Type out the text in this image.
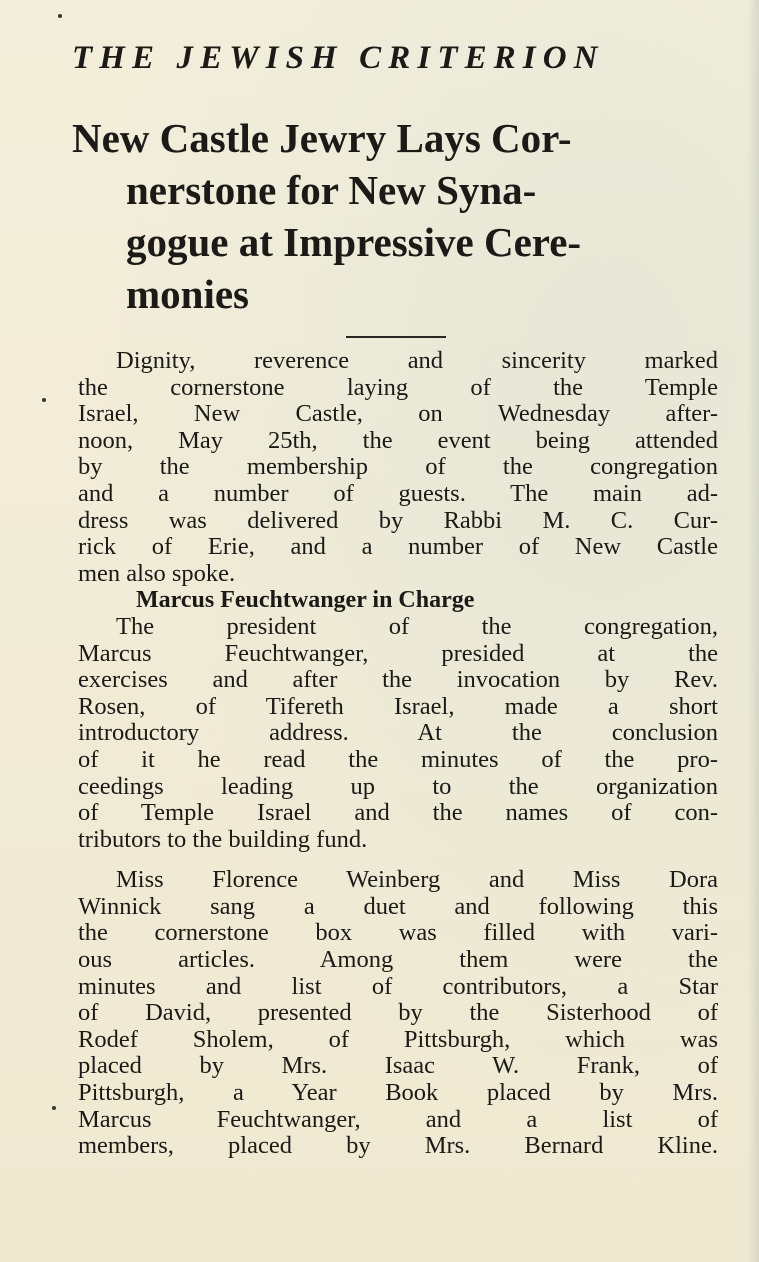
THE JEWISH CRITERION
New Castle Jewry Lays Cor-
nerstone for New Syna-
gogue at Impressive Cere-
monies
Dignity, reverence and sincerity marked
the cornerstone laying of the Temple
Israel, New Castle, on Wednesday after-
noon, May 25th, the event being attended
by the membership of the congregation
and a number of guests. The main ad-
dress was delivered by Rabbi M. C. Cur-
rick of Erie, and a number of New Castle
men also spoke.
Marcus Feuchtwanger in Charge
The president of the congregation,
Marcus Feuchtwanger, presided at the
exercises and after the invocation by Rev.
Rosen, of Tifereth Israel, made a short
introductory address. At the conclusion
of it he read the minutes of the pro-
ceedings leading up to the organization
of Temple Israel and the names of con-
tributors to the building fund.
Miss Florence Weinberg and Miss Dora
Winnick sang a duet and following this
the cornerstone box was filled with vari-
ous articles. Among them were the
minutes and list of contributors, a Star
of David, presented by the Sisterhood of
Rodef Sholem, of Pittsburgh, which was
placed by Mrs. Isaac W. Frank, of
Pittsburgh, a Year Book placed by Mrs.
Marcus Feuchtwanger, and a list of
members, placed by Mrs. Bernard Kline.
